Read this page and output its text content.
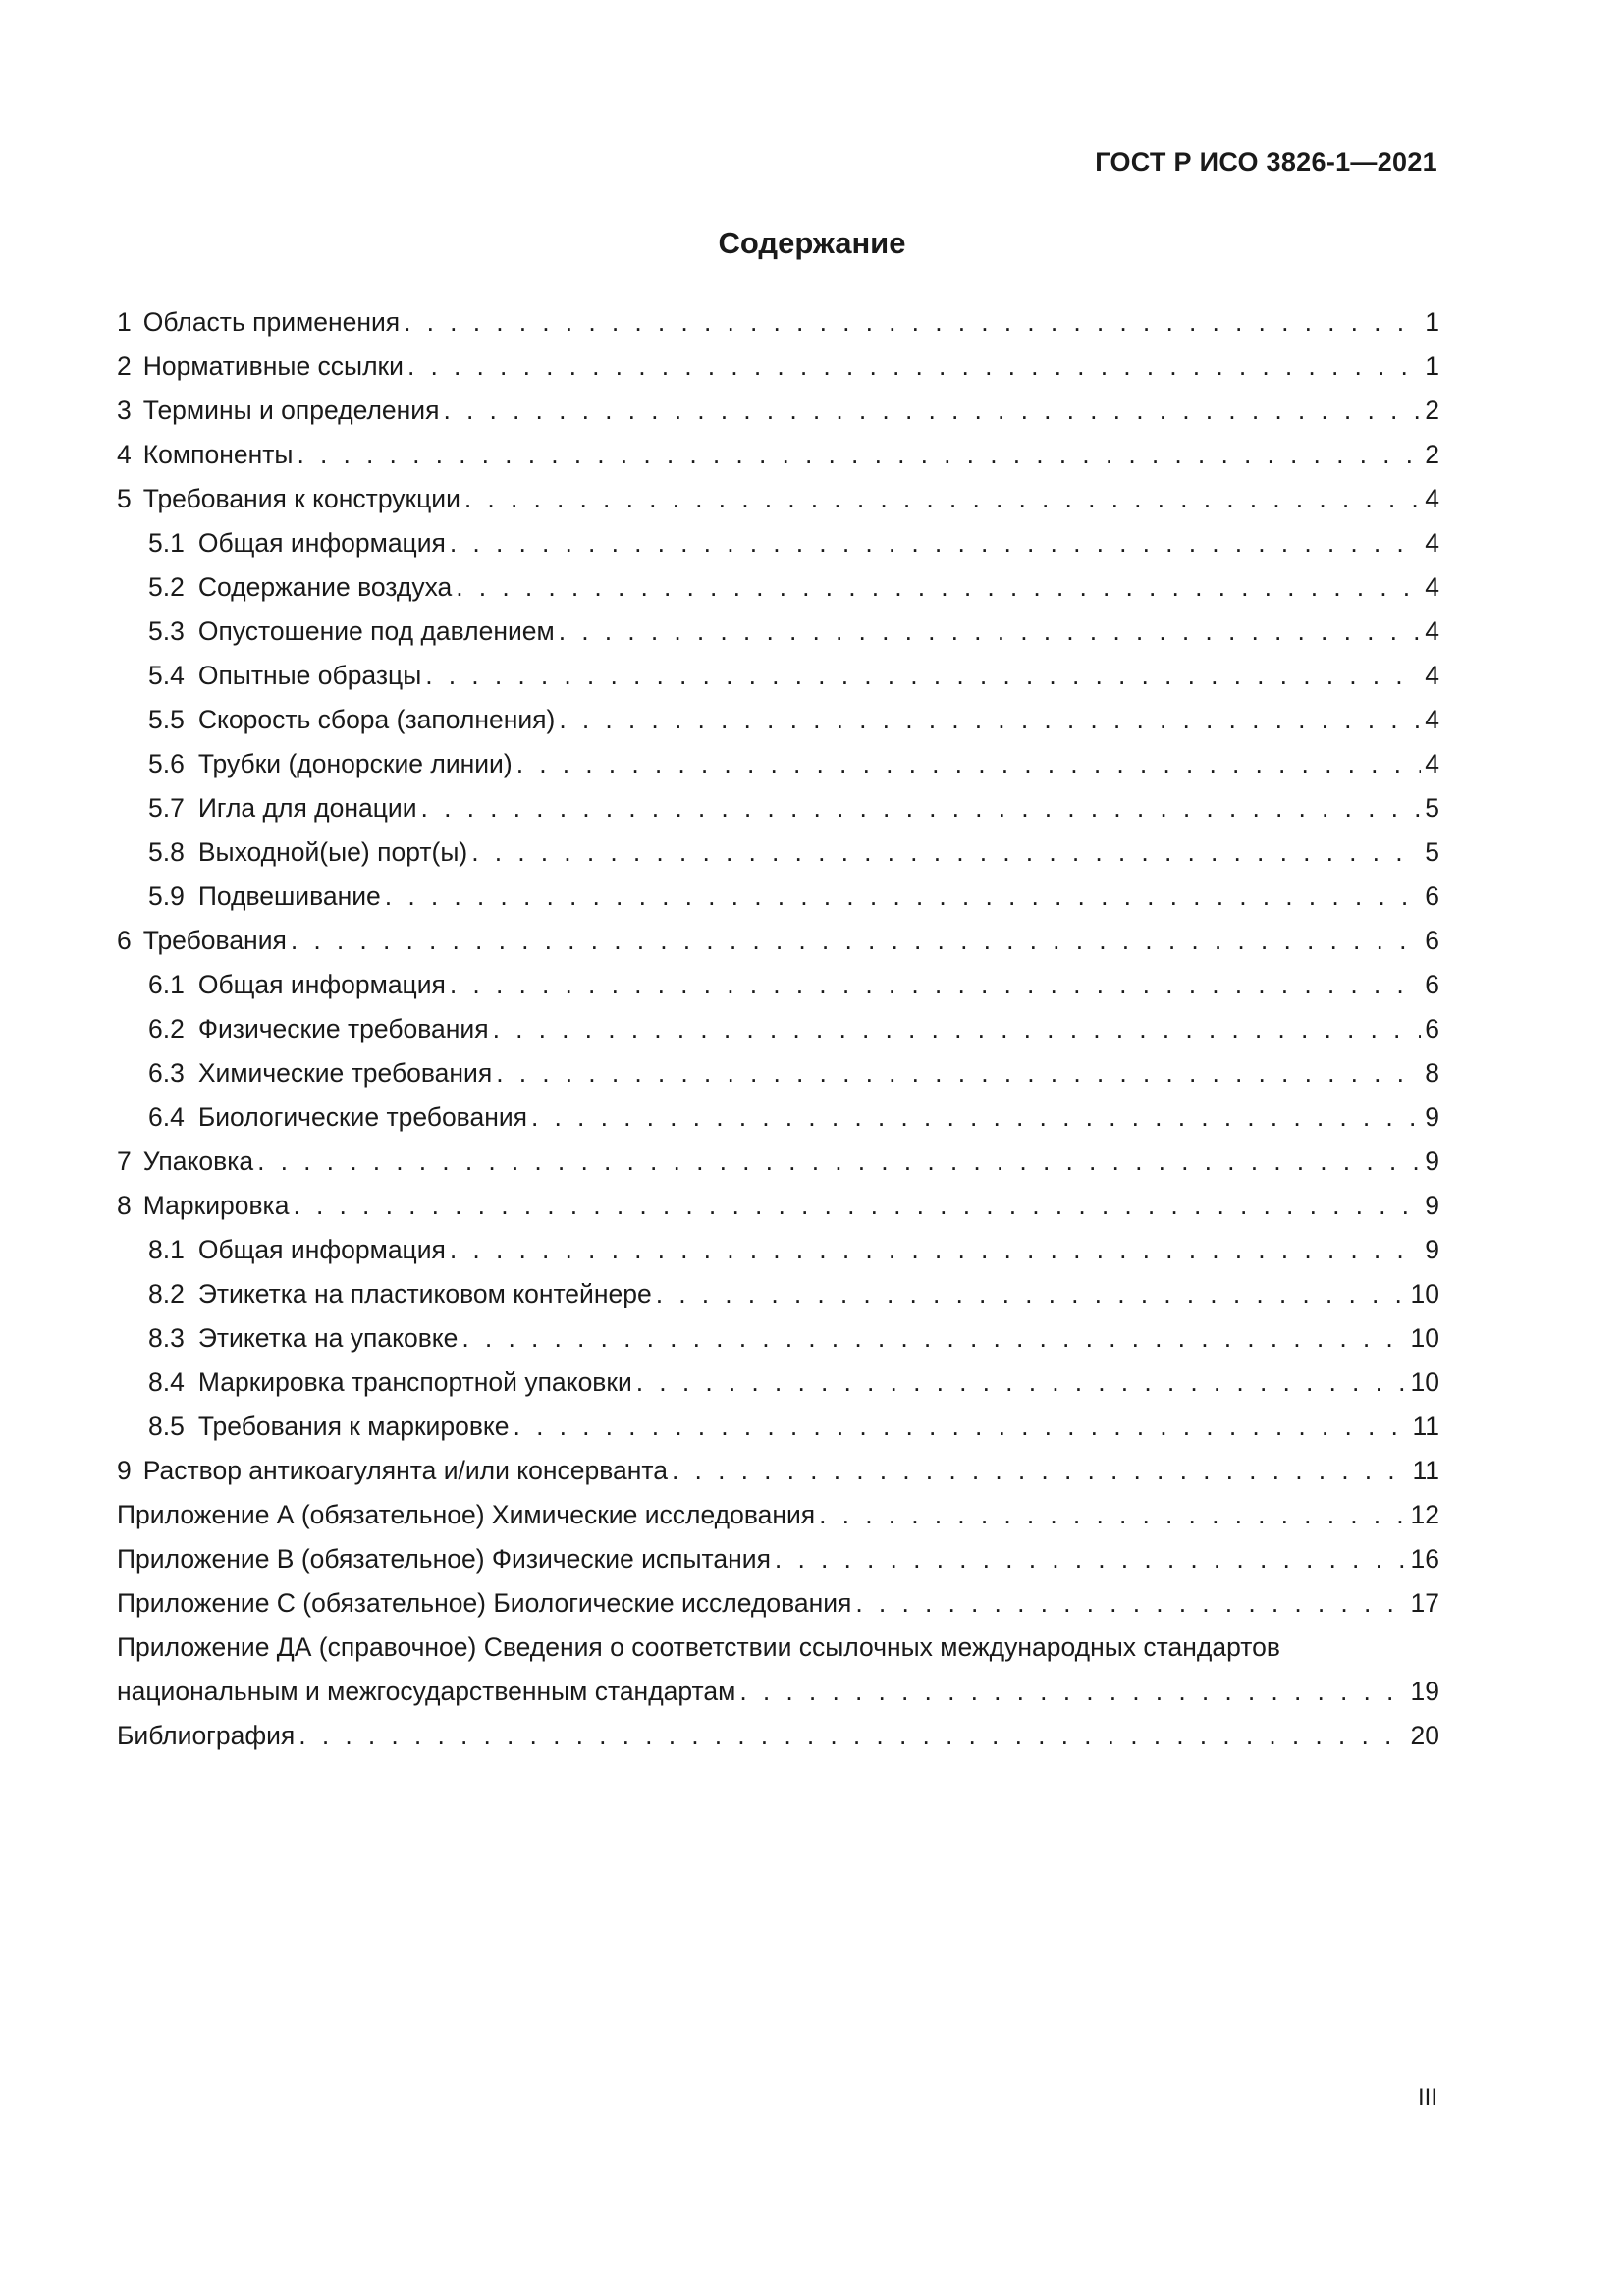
ГОСТ Р ИСО 3826-1—2021
Содержание
1 Область применения . . .	1
2 Нормативные ссылки . . .	1
3 Термины и определения . . .	2
4 Компоненты . . .	2
5 Требования к конструкции . . .	4
5.1 Общая информация . . .	4
5.2 Содержание воздуха . . .	4
5.3 Опустошение под давлением . . .	4
5.4 Опытные образцы . . .	4
5.5 Скорость сбора (заполнения) . . .	4
5.6 Трубки (донорские линии) . . .	4
5.7 Игла для донации . . .	5
5.8 Выходной(ые) порт(ы) . . .	5
5.9 Подвешивание . . .	6
6 Требования . . .	6
6.1 Общая информация . . .	6
6.2 Физические требования . . .	6
6.3 Химические требования . . .	8
6.4 Биологические требования . . .	9
7 Упаковка . . .	9
8 Маркировка . . .	9
8.1 Общая информация . . .	9
8.2 Этикетка на пластиковом контейнере . . .	10
8.3 Этикетка на упаковке . . .	10
8.4 Маркировка транспортной упаковки . . .	10
8.5 Требования к маркировке . . .	11
9 Раствор антикоагулянта и/или консерванта . . .	11
Приложение А (обязательное) Химические исследования . . .	12
Приложение В (обязательное) Физические испытания . . .	16
Приложение С (обязательное) Биологические исследования . . .	17
Приложение ДА (справочное) Сведения о соответствии ссылочных международных стандартов
национальным и межгосударственным стандартам . . .	19
Библиография . . .	20
III
